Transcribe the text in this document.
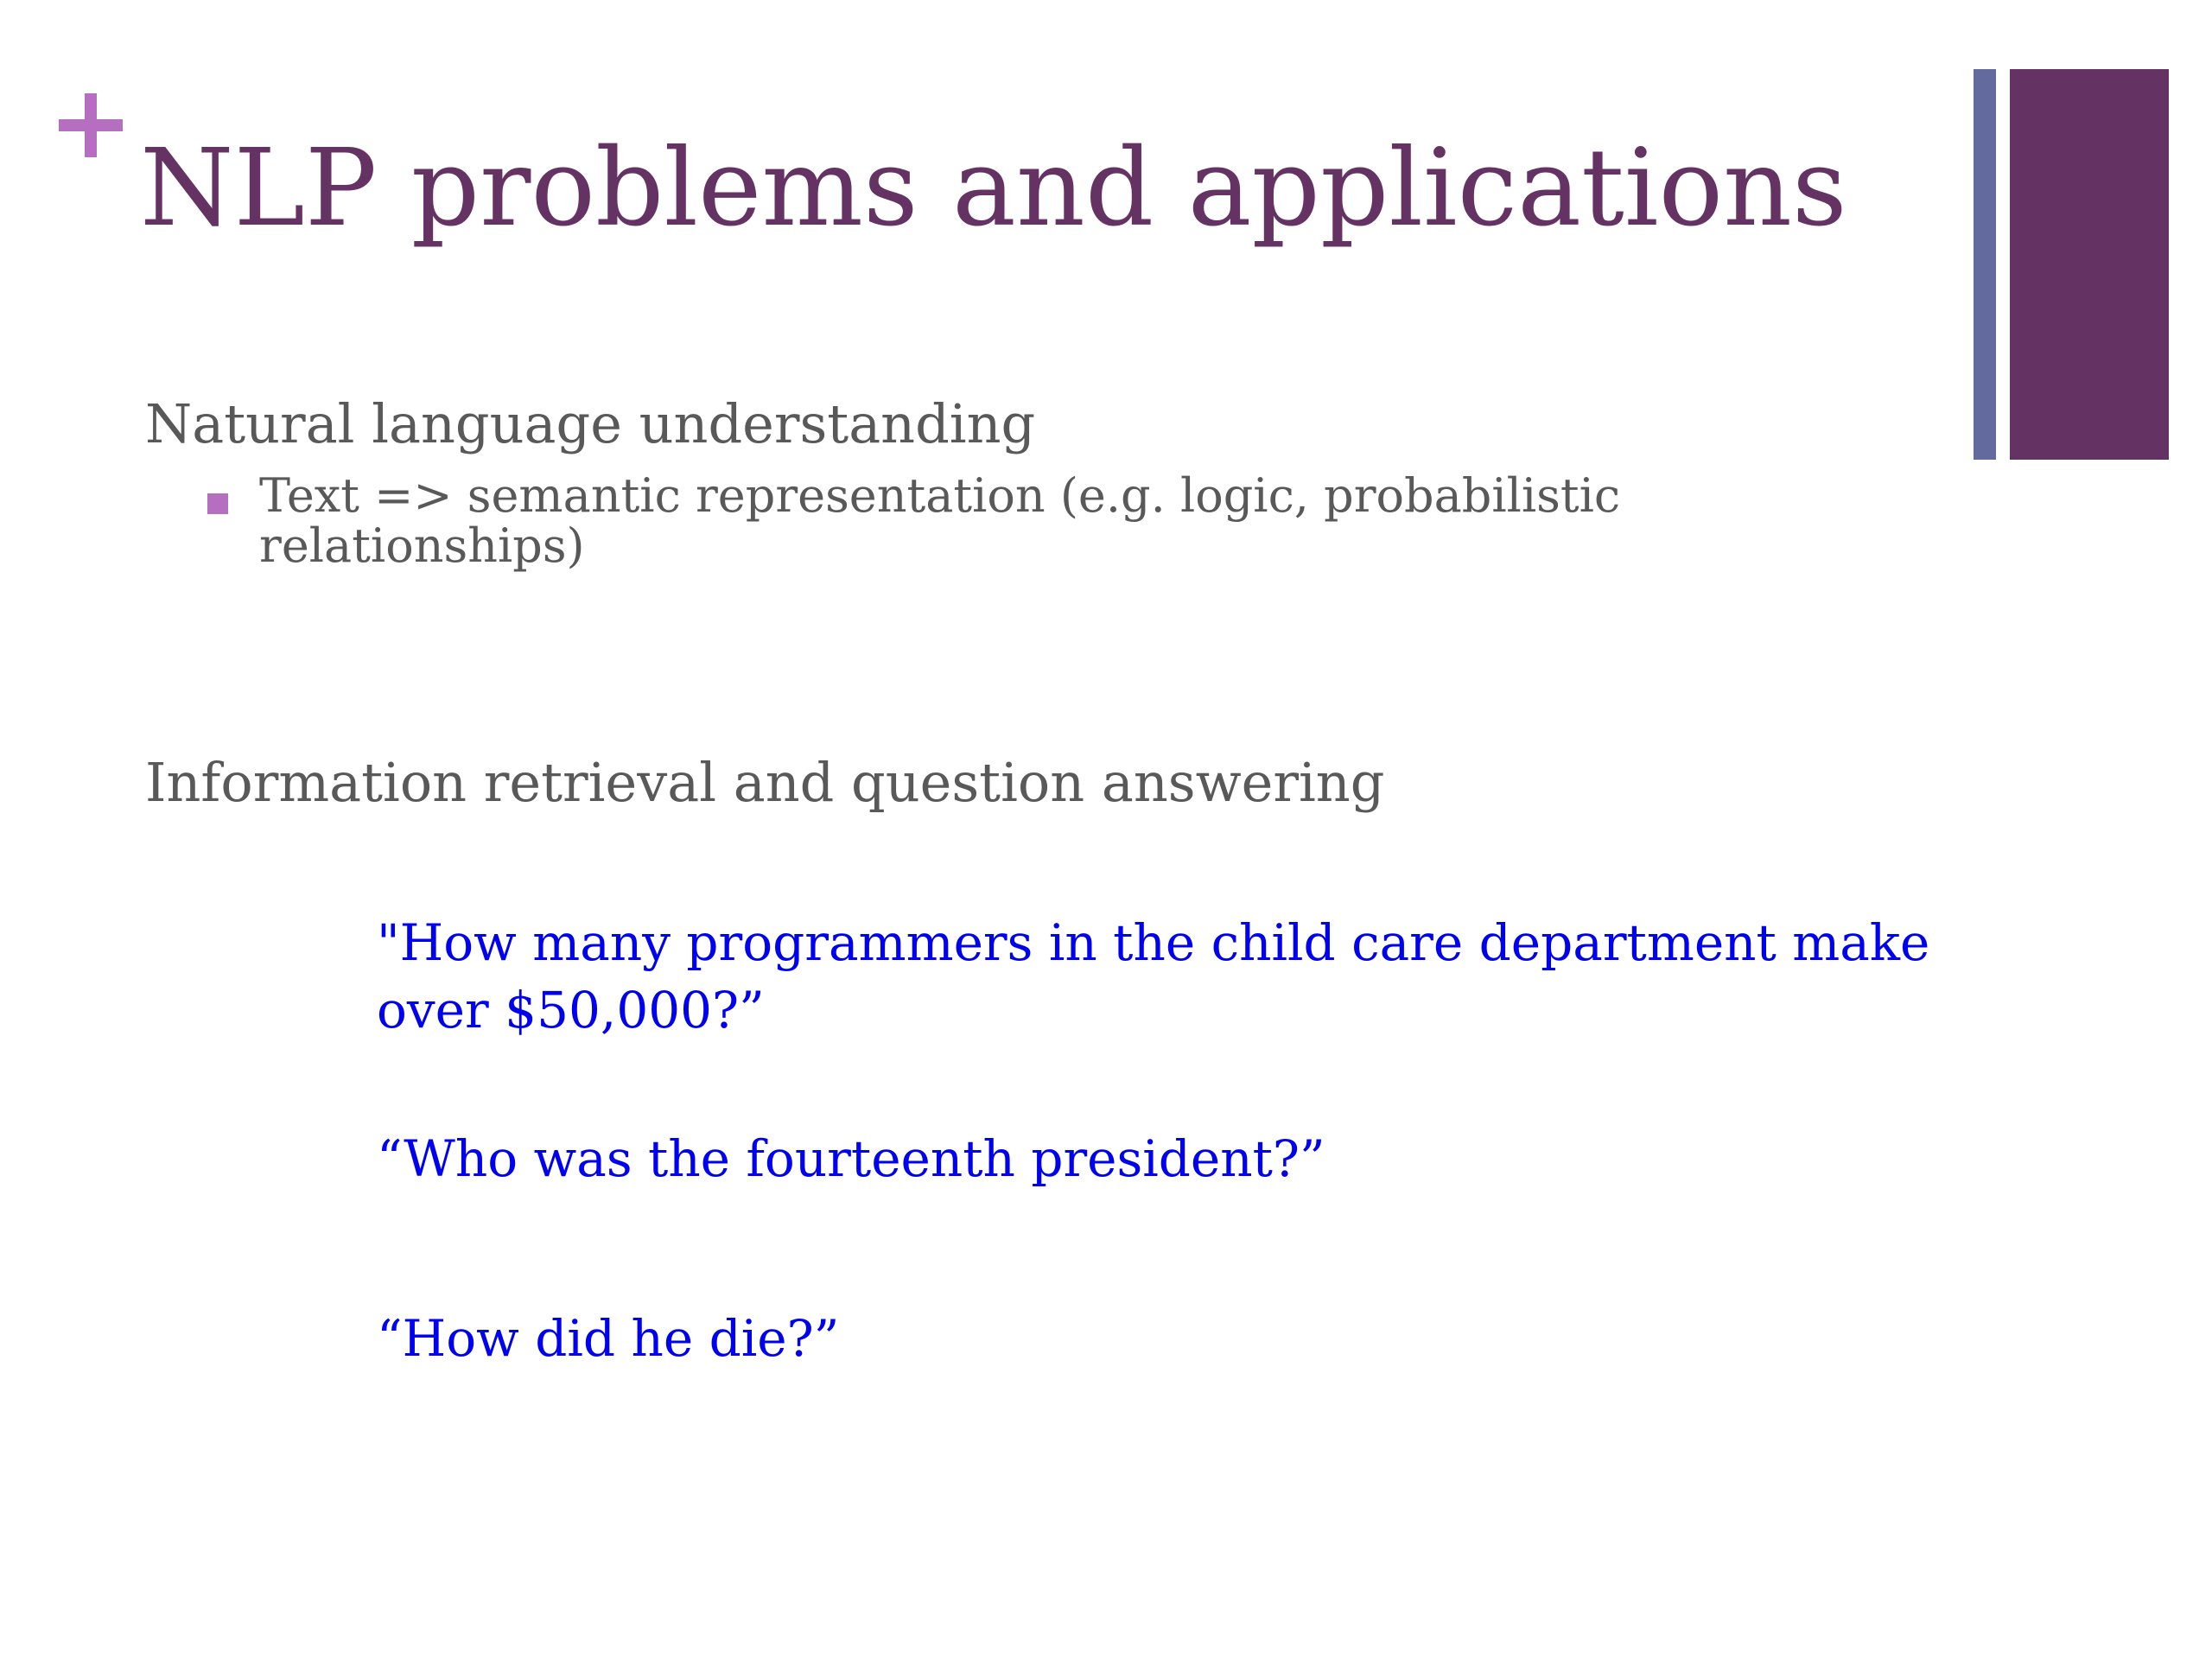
NLP problems and applications
Natural language understanding
Text => semantic representation (e.g. logic, probabilistic relationships)
Information retrieval and question answering

"How many programmers in the child care department make over $50,000?”

“Who was the fourteenth president?”

“How did he die?”
